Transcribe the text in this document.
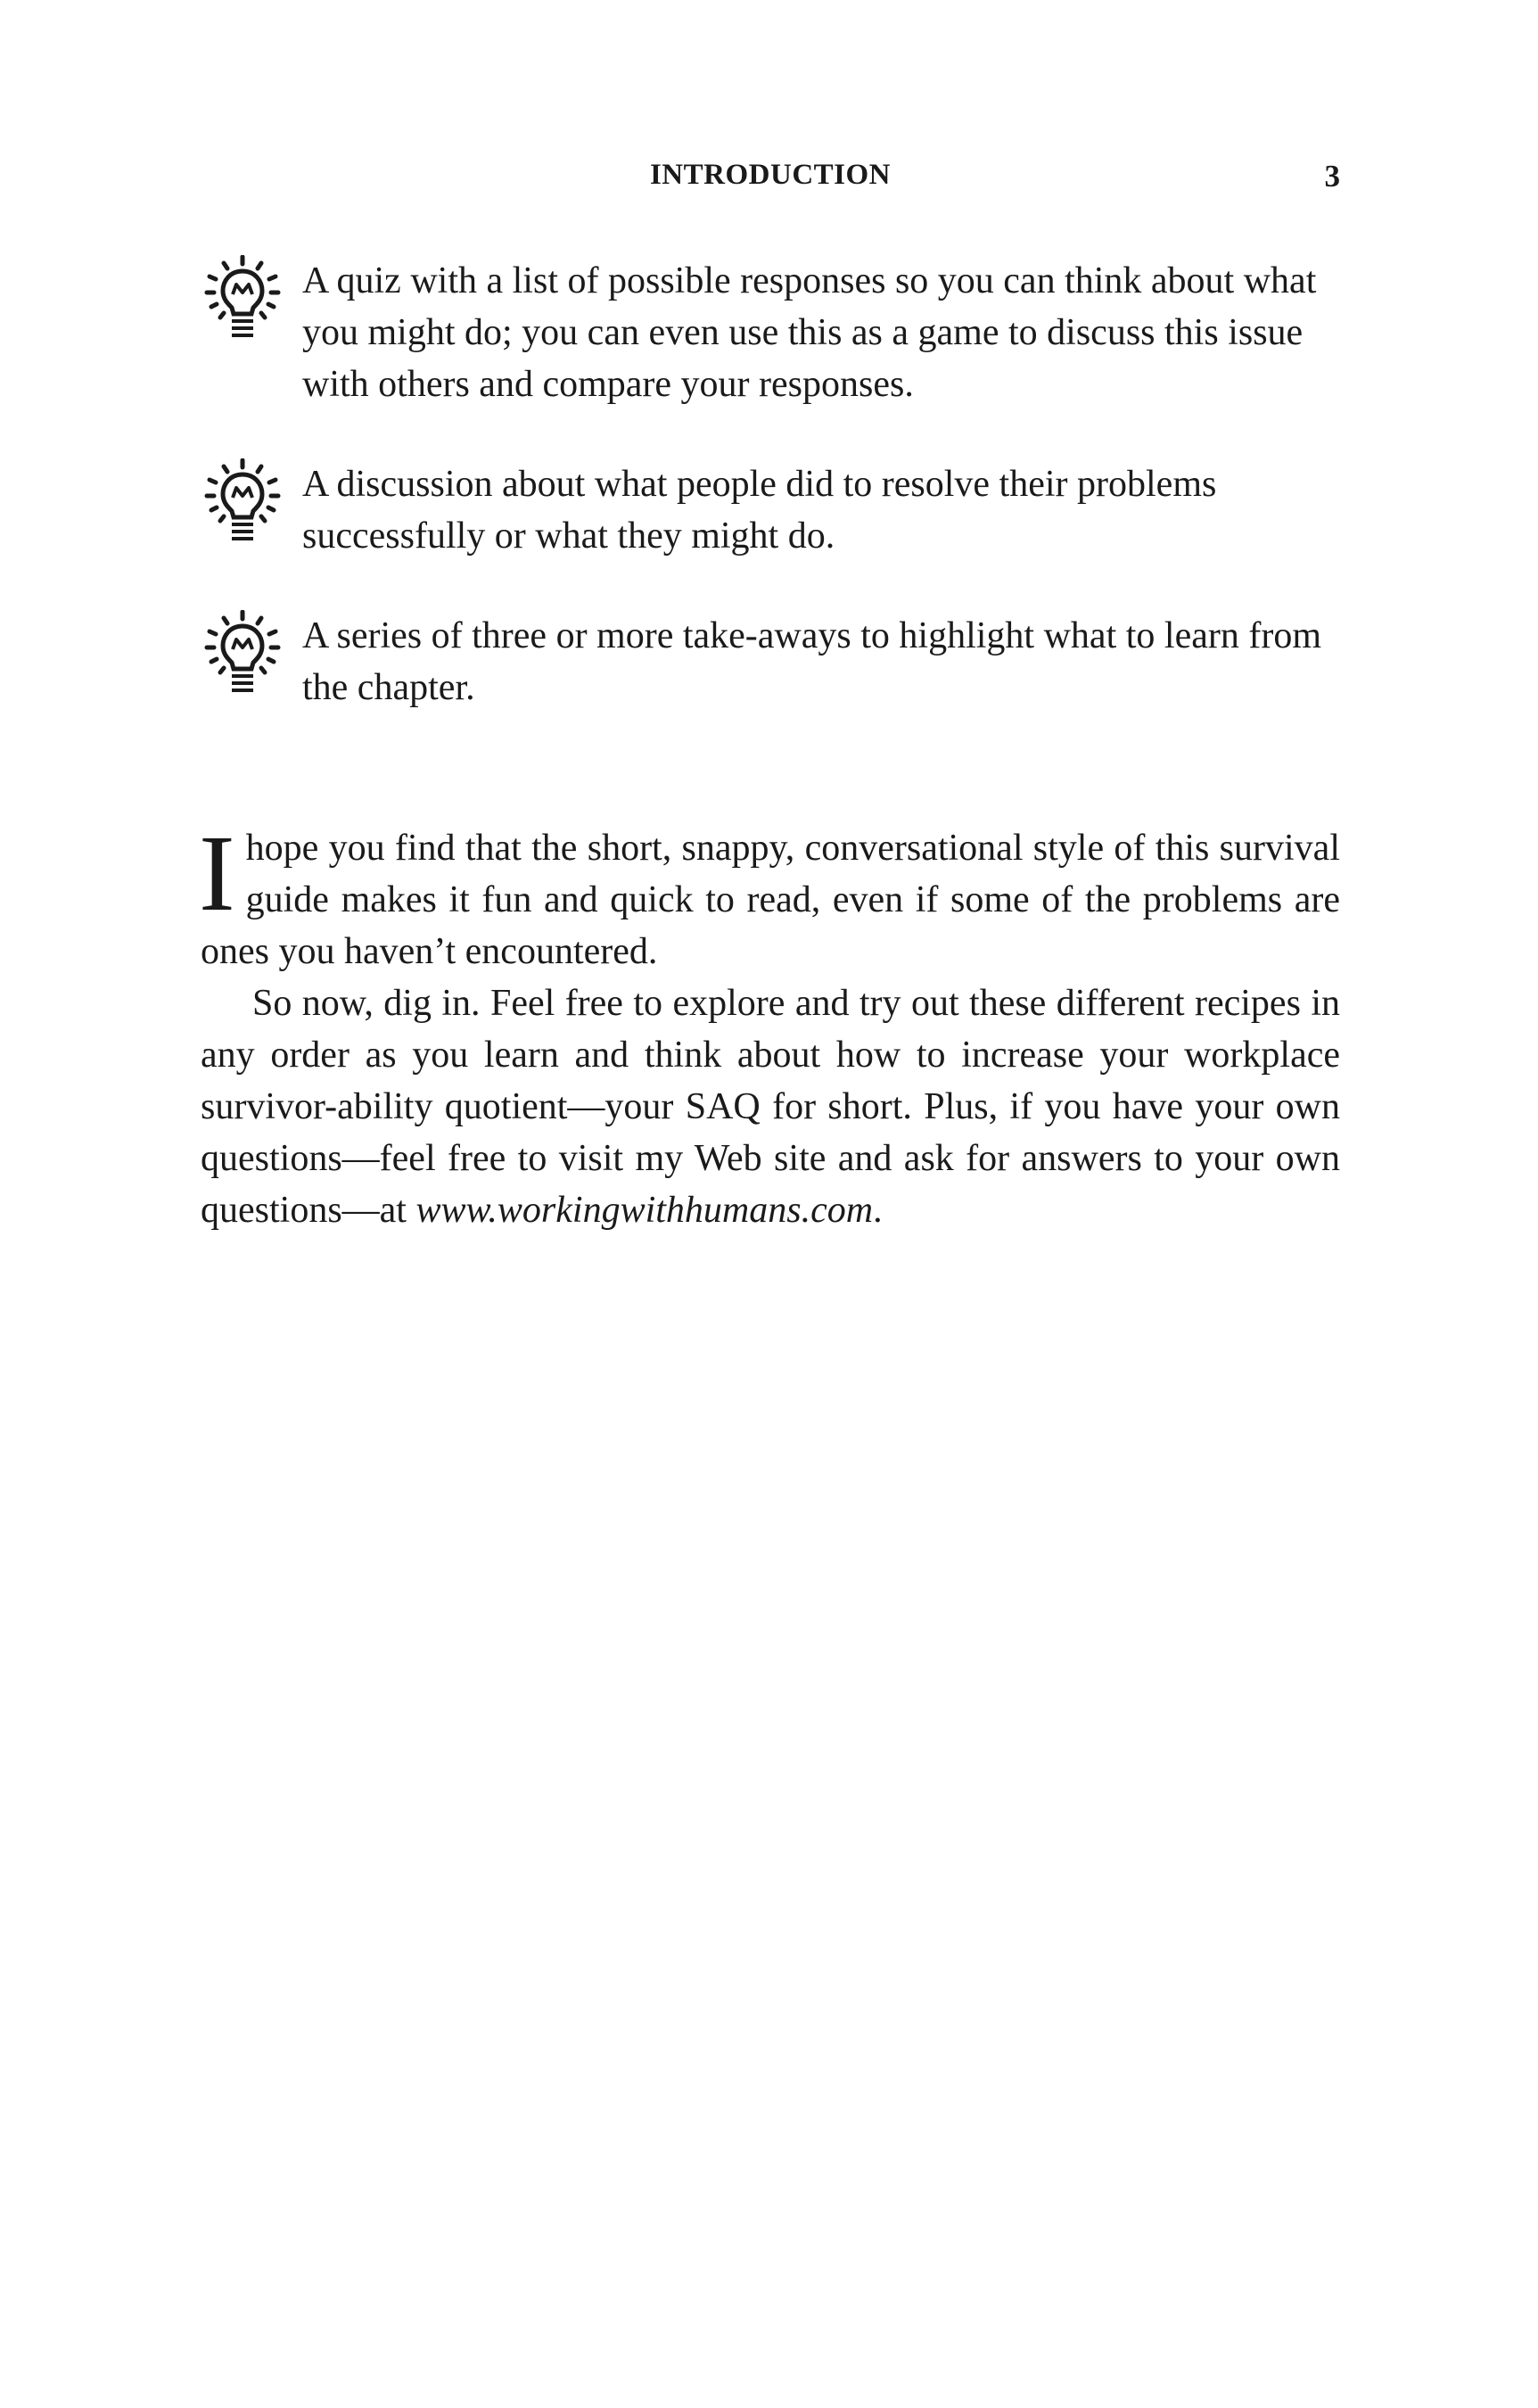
INTRODUCTION	3
A quiz with a list of possible responses so you can think about what you might do; you can even use this as a game to discuss this issue with others and compare your responses.
A discussion about what people did to resolve their problems successfully or what they might do.
A series of three or more take-aways to highlight what to learn from the chapter.

Ihope you find that the short, snappy, conversational style of this survival guide makes it fun and quick to read, even if some of the problems are ones you haven’t encountered.

So now, dig in. Feel free to explore and try out these different recipes in any order as you learn and think about how to increase your workplace survivor-ability quotient—your SAQ for short. Plus, if you have your own questions—feel free to visit my Web site and ask for answers to your own questions—at www.workingwithhumans.com.
